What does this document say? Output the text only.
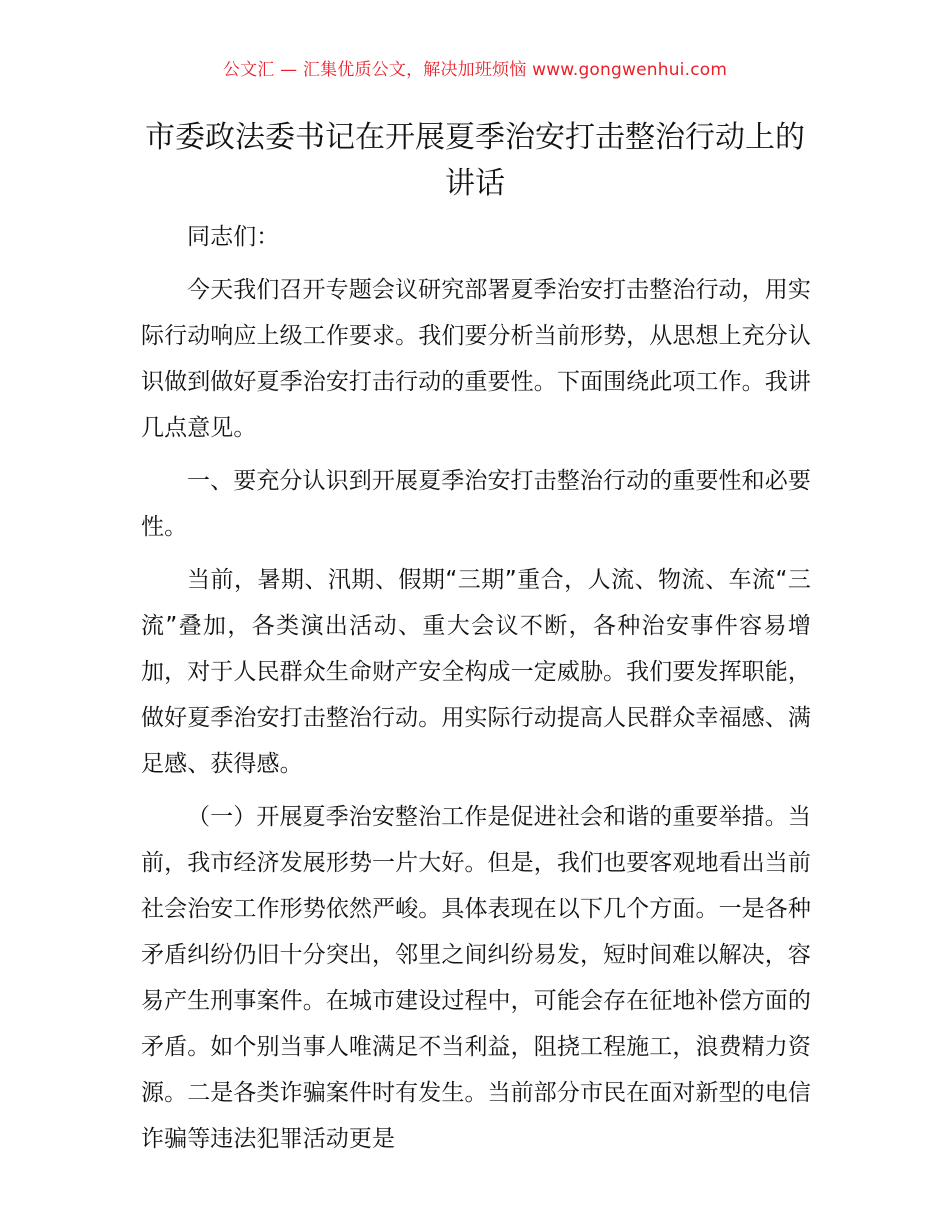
公文汇 — 汇集优质公文，解决加班烦恼 www.gongwenhui.com
市委政法委书记在开展夏季治安打击整治行动上的讲话

同志们：

今天我们召开专题会议研究部署夏季治安打击整治行动，用实际行动响应上级工作要求。我们要分析当前形势，从思想上充分认识做到做好夏季治安打击行动的重要性。下面围绕此项工作。我讲几点意见。

一、要充分认识到开展夏季治安打击整治行动的重要性和必要性。

当前，暑期、汛期、假期“三期”重合，人流、物流、车流“三流”叠加，各类演出活动、重大会议不断，各种治安事件容易增加，对于人民群众生命财产安全构成一定威胁。我们要发挥职能，做好夏季治安打击整治行动。用实际行动提高人民群众幸福感、满足感、获得感。

（一）开展夏季治安整治工作是促进社会和谐的重要举措。当前，我市经济发展形势一片大好。但是，我们也要客观地看出当前社会治安工作形势依然严峻。具体表现在以下几个方面。一是各种矛盾纠纷仍旧十分突出，邻里之间纠纷易发，短时间难以解决，容易产生刑事案件。在城市建设过程中，可能会存在征地补偿方面的矛盾。如个别当事人唯满足不当利益，阻挠工程施工，浪费精力资源。二是各类诈骗案件时有发生。当前部分市民在面对新型的电信诈骗等违法犯罪活动更是
